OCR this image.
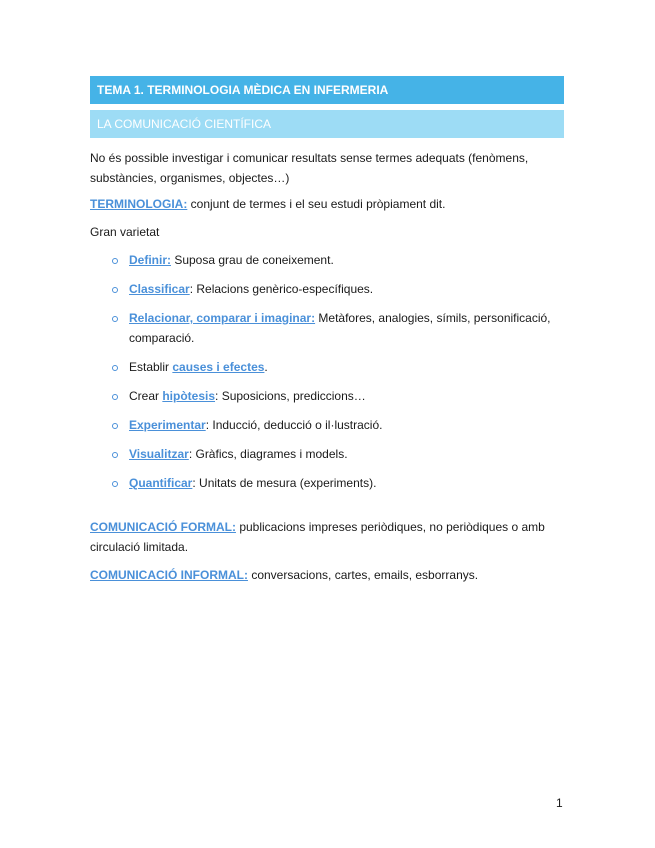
TEMA 1. TERMINOLOGIA MÈDICA EN INFERMERIA
LA COMUNICACIÓ CIENTÍFICA
No és possible investigar i comunicar resultats sense termes adequats (fenòmens, substàncies, organismes, objectes…)
TERMINOLOGIA: conjunt de termes i el seu estudi pròpiament dit.
Gran varietat
Definir: Suposa grau de coneixement.
Classificar: Relacions genèrico-específiques.
Relacionar, comparar i imaginar: Metàfores, analogies, símils, personificació, comparació.
Establir causes i efectes.
Crear hipòtesis: Suposicions, prediccions…
Experimentar: Inducció, deducció o il·lustració.
Visualitzar: Gràfics, diagrames i models.
Quantificar: Unitats de mesura (experiments).
COMUNICACIÓ FORMAL: publicacions impreses periòdiques, no periòdiques o amb circulació limitada.
COMUNICACIÓ INFORMAL: conversacions, cartes, emails, esborranys.
1
